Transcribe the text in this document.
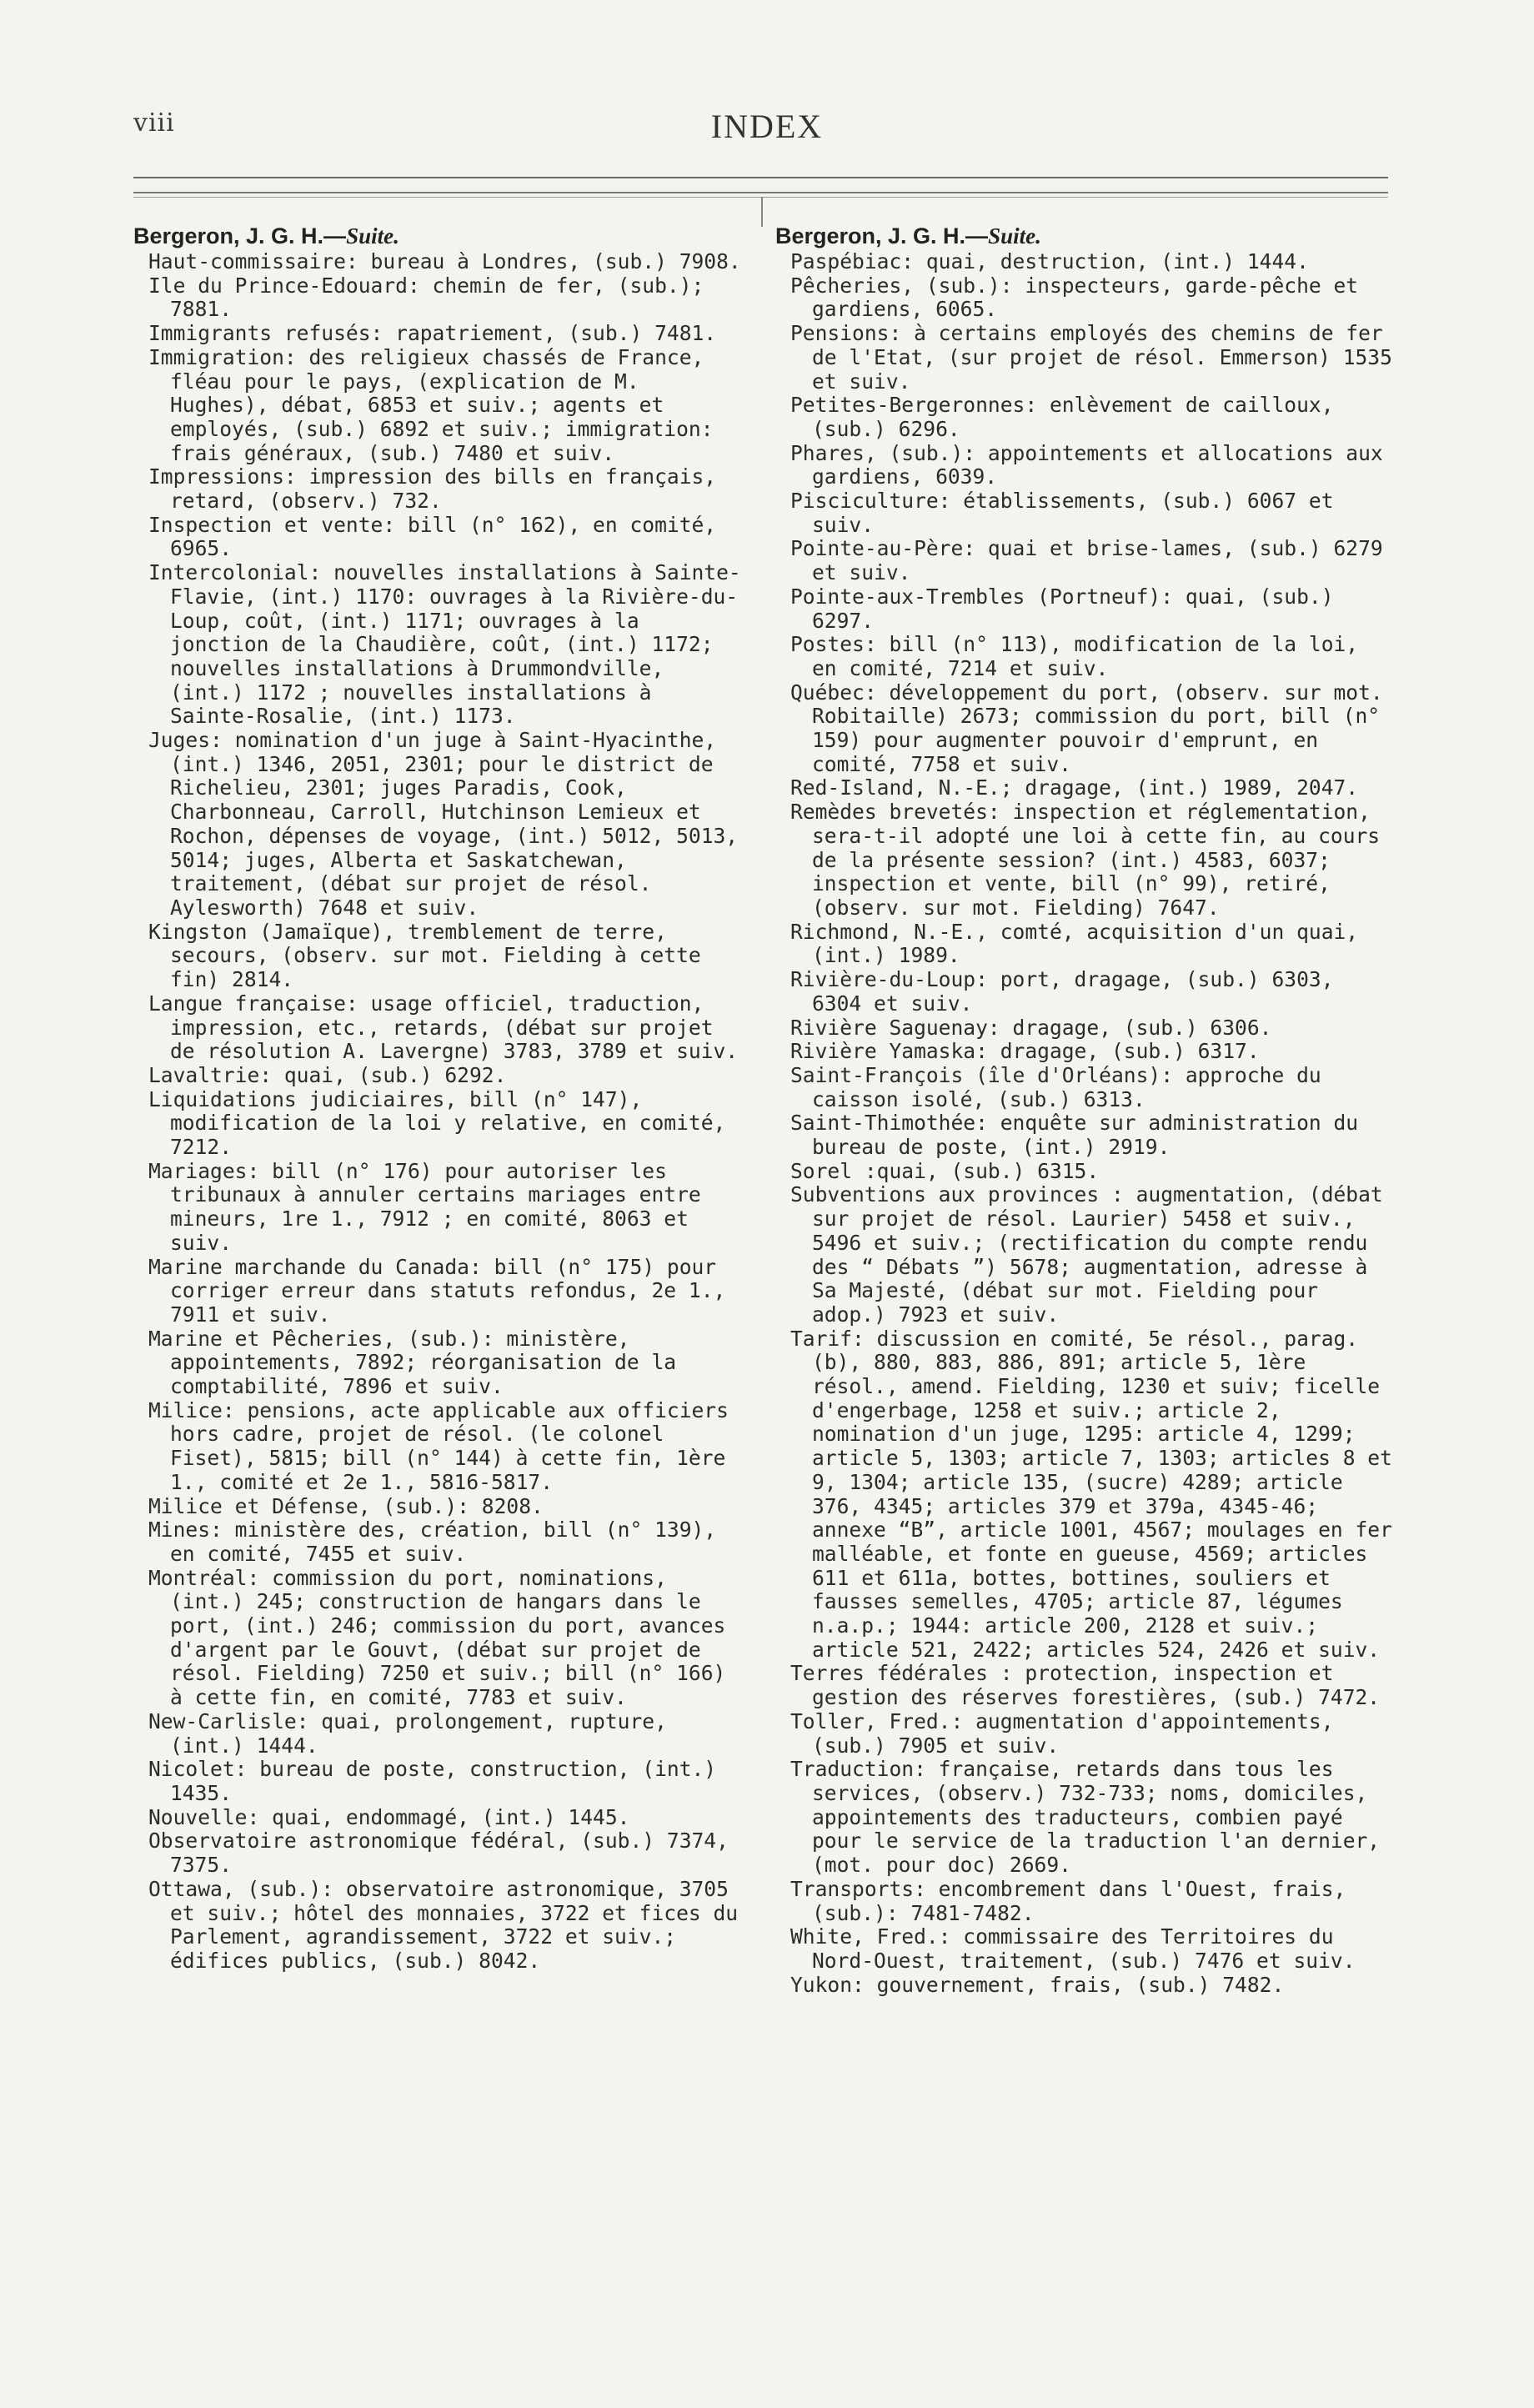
viii	INDEX
Bergeron, J. G. H.—Suite.

Haut-commissaire: bureau à Londres, (sub.) 7908.

Ile du Prince-Edouard: chemin de fer, (sub.); 7881.

Immigrants refusés: rapatriement, (sub.) 7481.

Immigration: des religieux chassés de France, fléau pour le pays, (explication de M. Hughes), débat, 6853 et suiv.; agents et employés, (sub.) 6892 et suiv.; immigration: frais généraux, (sub.) 7480 et suiv.

Impressions: impression des bills en français, retard, (observ.) 732.

Inspection et vente: bill (n° 162), en comité, 6965.

Intercolonial: nouvelles installations à Sainte-Flavie, (int.) 1170: ouvrages à la Rivière-du-Loup, coût, (int.) 1171; ouvrages à la jonction de la Chaudière, coût, (int.) 1172; nouvelles installations à Drummondville, (int.) 1172 ; nouvelles installations à Sainte-Rosalie, (int.) 1173.

Juges: nomination d'un juge à Saint-Hyacinthe, (int.) 1346, 2051, 2301; pour le district de Richelieu, 2301; juges Paradis, Cook, Charbonneau, Carroll, Hutchinson Lemieux et Rochon, dépenses de voyage, (int.) 5012, 5013, 5014; juges, Alberta et Saskatchewan, traitement, (débat sur projet de résol. Aylesworth) 7648 et suiv.

Kingston (Jamaïque), tremblement de terre, secours, (observ. sur mot. Fielding à cette fin) 2814.

Langue française: usage officiel, traduction, impression, etc., retards, (débat sur projet de résolution A. Lavergne) 3783, 3789 et suiv.

Lavaltrie: quai, (sub.) 6292.

Liquidations judiciaires, bill (n° 147), modification de la loi y relative, en comité, 7212.

Mariages: bill (n° 176) pour autoriser les tribunaux à annuler certains mariages entre mineurs, 1re 1., 7912 ; en comité, 8063 et suiv.

Marine marchande du Canada: bill (n° 175) pour corriger erreur dans statuts refondus, 2e 1., 7911 et suiv.

Marine et Pêcheries, (sub.): ministère, appointements, 7892; réorganisation de la comptabilité, 7896 et suiv.

Milice: pensions, acte applicable aux officiers hors cadre, projet de résol. (le colonel Fiset), 5815; bill (n° 144) à cette fin, 1ère 1., comité et 2e 1., 5816-5817.

Milice et Défense, (sub.): 8208.

Mines: ministère des, création, bill (n° 139), en comité, 7455 et suiv.

Montréal: commission du port, nominations, (int.) 245; construction de hangars dans le port, (int.) 246; commission du port, avances d'argent par le Gouvt, (débat sur projet de résol. Fielding) 7250 et suiv.; bill (n° 166) à cette fin, en comité, 7783 et suiv.

New-Carlisle: quai, prolongement, rupture, (int.) 1444.

Nicolet: bureau de poste, construction, (int.) 1435.

Nouvelle: quai, endommagé, (int.) 1445.

Observatoire astronomique fédéral, (sub.) 7374, 7375.

Ottawa, (sub.): observatoire astronomique, 3705 et suiv.; hôtel des monnaies, 3722 et fices du Parlement, agrandissement, 3722 et suiv.; édifices publics, (sub.) 8042.

Bergeron, J. G. H.—Suite.

Paspébiac: quai, destruction, (int.) 1444.

Pêcheries, (sub.): inspecteurs, garde-pêche et gardiens, 6065.

Pensions: à certains employés des chemins de fer de l'Etat, (sur projet de résol. Emmerson) 1535 et suiv.

Petites-Bergeronnes: enlèvement de cailloux, (sub.) 6296.

Phares, (sub.): appointements et allocations aux gardiens, 6039.

Pisciculture: établissements, (sub.) 6067 et suiv.

Pointe-au-Père: quai et brise-lames, (sub.) 6279 et suiv.

Pointe-aux-Trembles (Portneuf): quai, (sub.) 6297.

Postes: bill (n° 113), modification de la loi, en comité, 7214 et suiv.

Québec: développement du port, (observ. sur mot. Robitaille) 2673; commission du port, bill (n° 159) pour augmenter pouvoir d'emprunt, en comité, 7758 et suiv.

Red-Island, N.-E.; dragage, (int.) 1989, 2047.

Remèdes brevetés: inspection et réglementation, sera-t-il adopté une loi à cette fin, au cours de la présente session? (int.) 4583, 6037; inspection et vente, bill (n° 99), retiré, (observ. sur mot. Fielding) 7647.

Richmond, N.-E., comté, acquisition d'un quai, (int.) 1989.

Rivière-du-Loup: port, dragage, (sub.) 6303, 6304 et suiv.

Rivière Saguenay: dragage, (sub.) 6306.

Rivière Yamaska: dragage, (sub.) 6317.

Saint-François (île d'Orléans): approche du caisson isolé, (sub.) 6313.

Saint-Thimothée: enquête sur administration du bureau de poste, (int.) 2919.

Sorel :quai, (sub.) 6315.

Subventions aux provinces : augmentation, (débat sur projet de résol. Laurier) 5458 et suiv., 5496 et suiv.; (rectification du compte rendu des “ Débats ”) 5678; augmentation, adresse à Sa Majesté, (débat sur mot. Fielding pour adop.) 7923 et suiv.

Tarif: discussion en comité, 5e résol., parag. (b), 880, 883, 886, 891; article 5, 1ère résol., amend. Fielding, 1230 et suiv; ficelle d'engerbage, 1258 et suiv.; article 2, nomination d'un juge, 1295: article 4, 1299; article 5, 1303; article 7, 1303; articles 8 et 9, 1304; article 135, (sucre) 4289; article 376, 4345; articles 379 et 379a, 4345-46; annexe “B”, article 1001, 4567; moulages en fer malléable, et fonte en gueuse, 4569; articles 611 et 611a, bottes, bottines, souliers et fausses semelles, 4705; article 87, légumes n.a.p.; 1944: article 200, 2128 et suiv.; article 521, 2422; articles 524, 2426 et suiv.

Terres fédérales : protection, inspection et gestion des réserves forestières, (sub.) 7472.

Toller, Fred.: augmentation d'appointements, (sub.) 7905 et suiv.

Traduction: française, retards dans tous les services, (observ.) 732-733; noms, domiciles, appointements des traducteurs, combien payé pour le service de la traduction l'an dernier, (mot. pour doc) 2669.

Transports: encombrement dans l'Ouest, frais, (sub.): 7481-7482.

White, Fred.: commissaire des Territoires du Nord-Ouest, traitement, (sub.) 7476 et suiv.

Yukon: gouvernement, frais, (sub.) 7482.
